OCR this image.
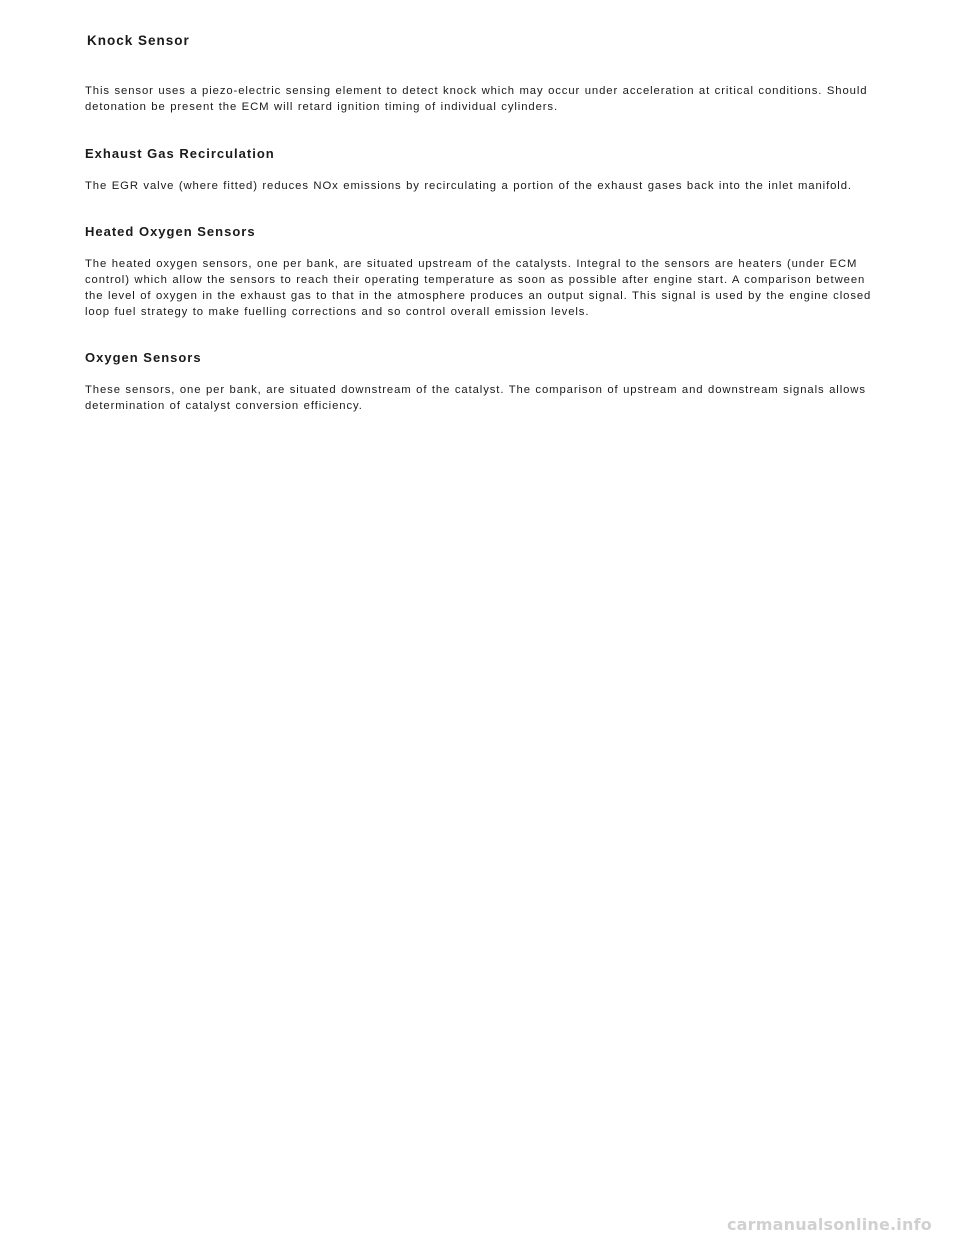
Knock Sensor

This sensor uses a piezo-electric sensing element to detect knock which may occur under acceleration at critical conditions. Should detonation be present the ECM will retard ignition timing of individual cylinders.

Exhaust Gas Recirculation

The EGR valve (where fitted) reduces NOx emissions by recirculating a portion of the exhaust gases back into the inlet manifold.

Heated Oxygen Sensors

The heated oxygen sensors, one per bank, are situated upstream of the catalysts. Integral to the sensors are heaters (under ECM control) which allow the sensors to reach their operating temperature as soon as possible after engine start. A comparison between the level of oxygen in the exhaust gas to that in the atmosphere produces an output signal. This signal is used by the engine closed loop fuel strategy to make fuelling corrections and so control overall emission levels.

Oxygen Sensors

These sensors, one per bank, are situated downstream of the catalyst. The comparison of upstream and downstream signals allows determination of catalyst conversion efficiency.

carmanualsonline.info
